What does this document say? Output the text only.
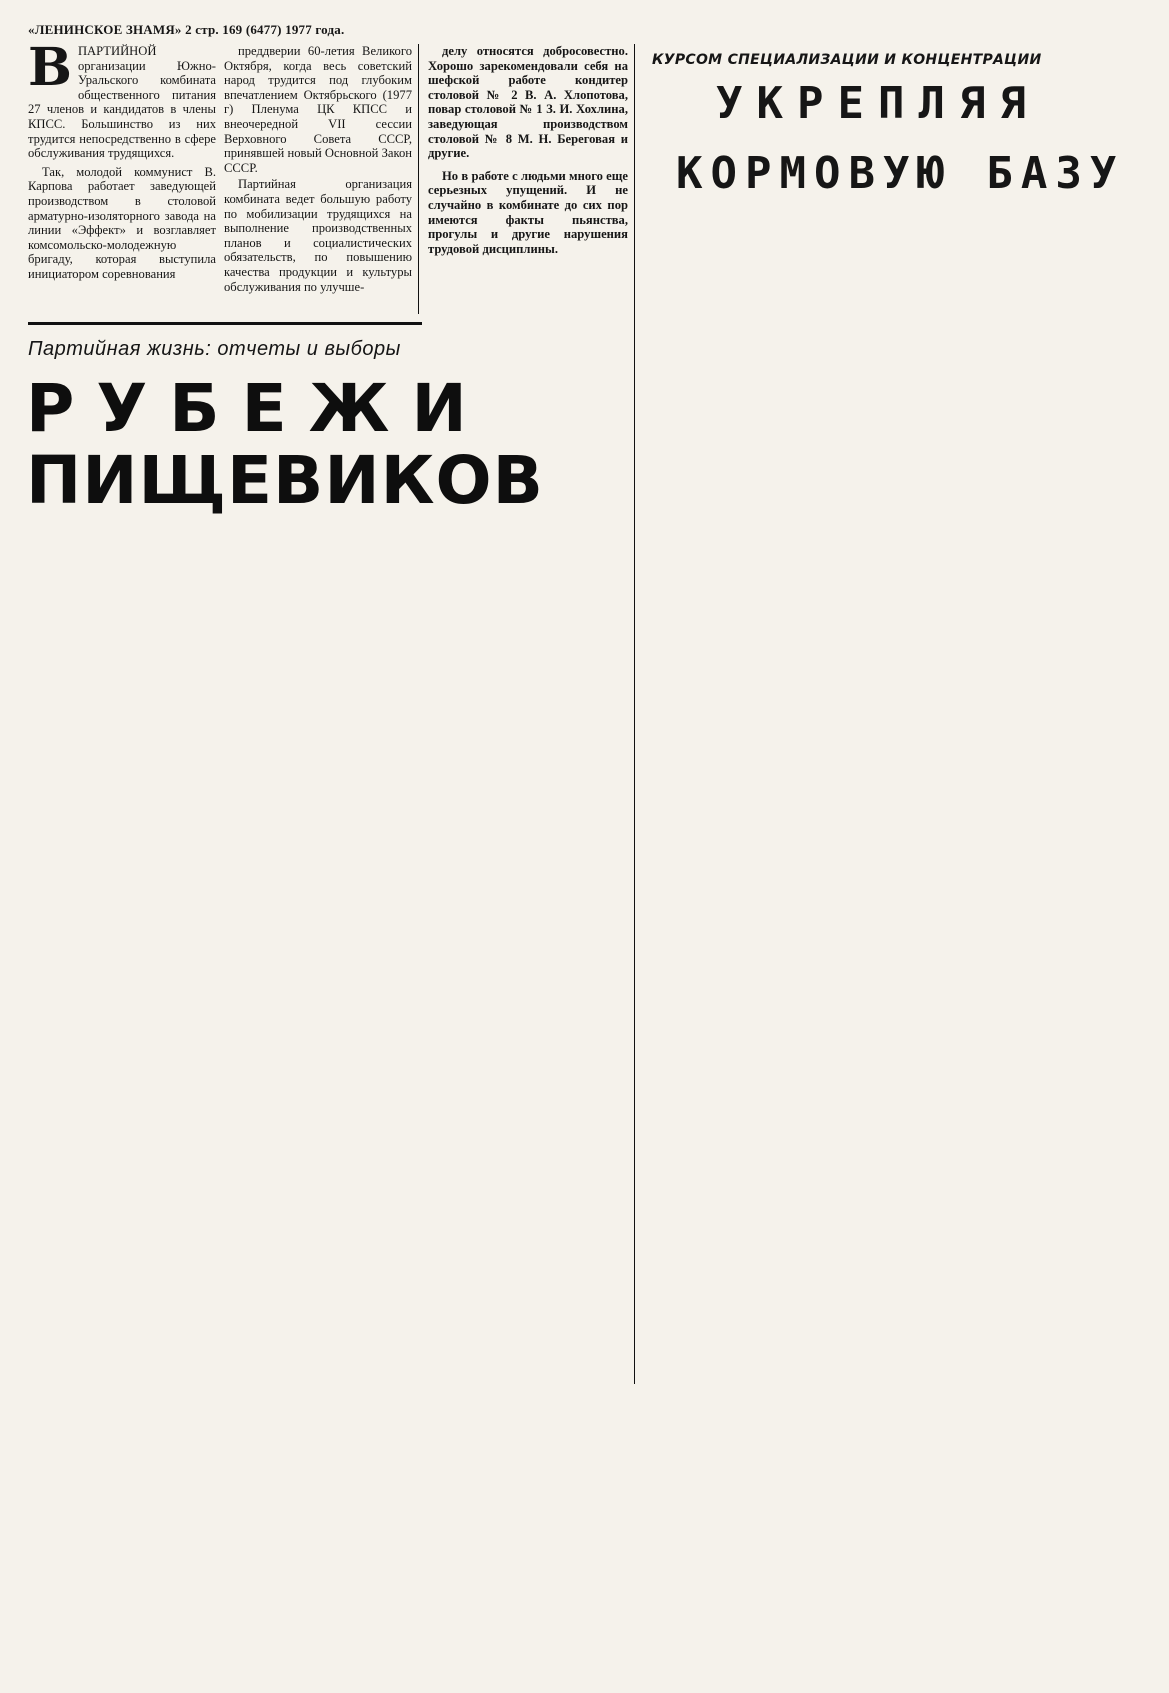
«ЛЕНИНСКОЕ ЗНАМЯ» 2 стр. 169 (6477) 1977 года.
В ПАРТИЙНОЙ организации Южно-Уральского комбината общественного питания 27 членов и кандидатов в члены КПСС. Большинство из них трудится непосредственно в сфере обслуживания трудящихся.

Так, молодой коммунист В. Карпова работает заведующей производством в столовой арматурно-изоляторного завода на линии «Эффект» и возглавляет комсомольско-молодежную бригаду, которая выступила инициатором соревнования

преддверии 60-летия Великого Октября, когда весь советский народ трудится под глубоким впечатлением Октябрьского (1977 г) Пленума ЦК КПСС и внеочередной VII сессии Верховного Совета СССР, принявшей новый Основной Закон СССР.

Партийная организация комбината ведет большую работу по мобилизации трудящихся на выполнение производственных планов и социалистических обязательств, по повышению качества продукции и культуры обслуживания по улучше-

делу относятся добросовестно. Хорошо зарекомендовали себя на шефской работе кондитер столовой № 2 В. А. Хлопотова, повар столовой № 1 З. И. Хохлина, заведующая производством столовой № 8 М. Н. Береговая и другие.

Но в работе с людьми много еще серьезных упущений. И не случайно в комбинате до сих пор имеются факты пьянства, прогулы и другие нарушения трудовой дисциплины.

Партийная жизнь: отчеты и выборы
РУБЕЖИ
ПИЩЕВИКОВ
КУРСОМ СПЕЦИАЛИЗАЦИИ И КОНЦЕНТРАЦИИ
УКРЕПЛЯЯ
КОРМОВУЮ БАЗУ
